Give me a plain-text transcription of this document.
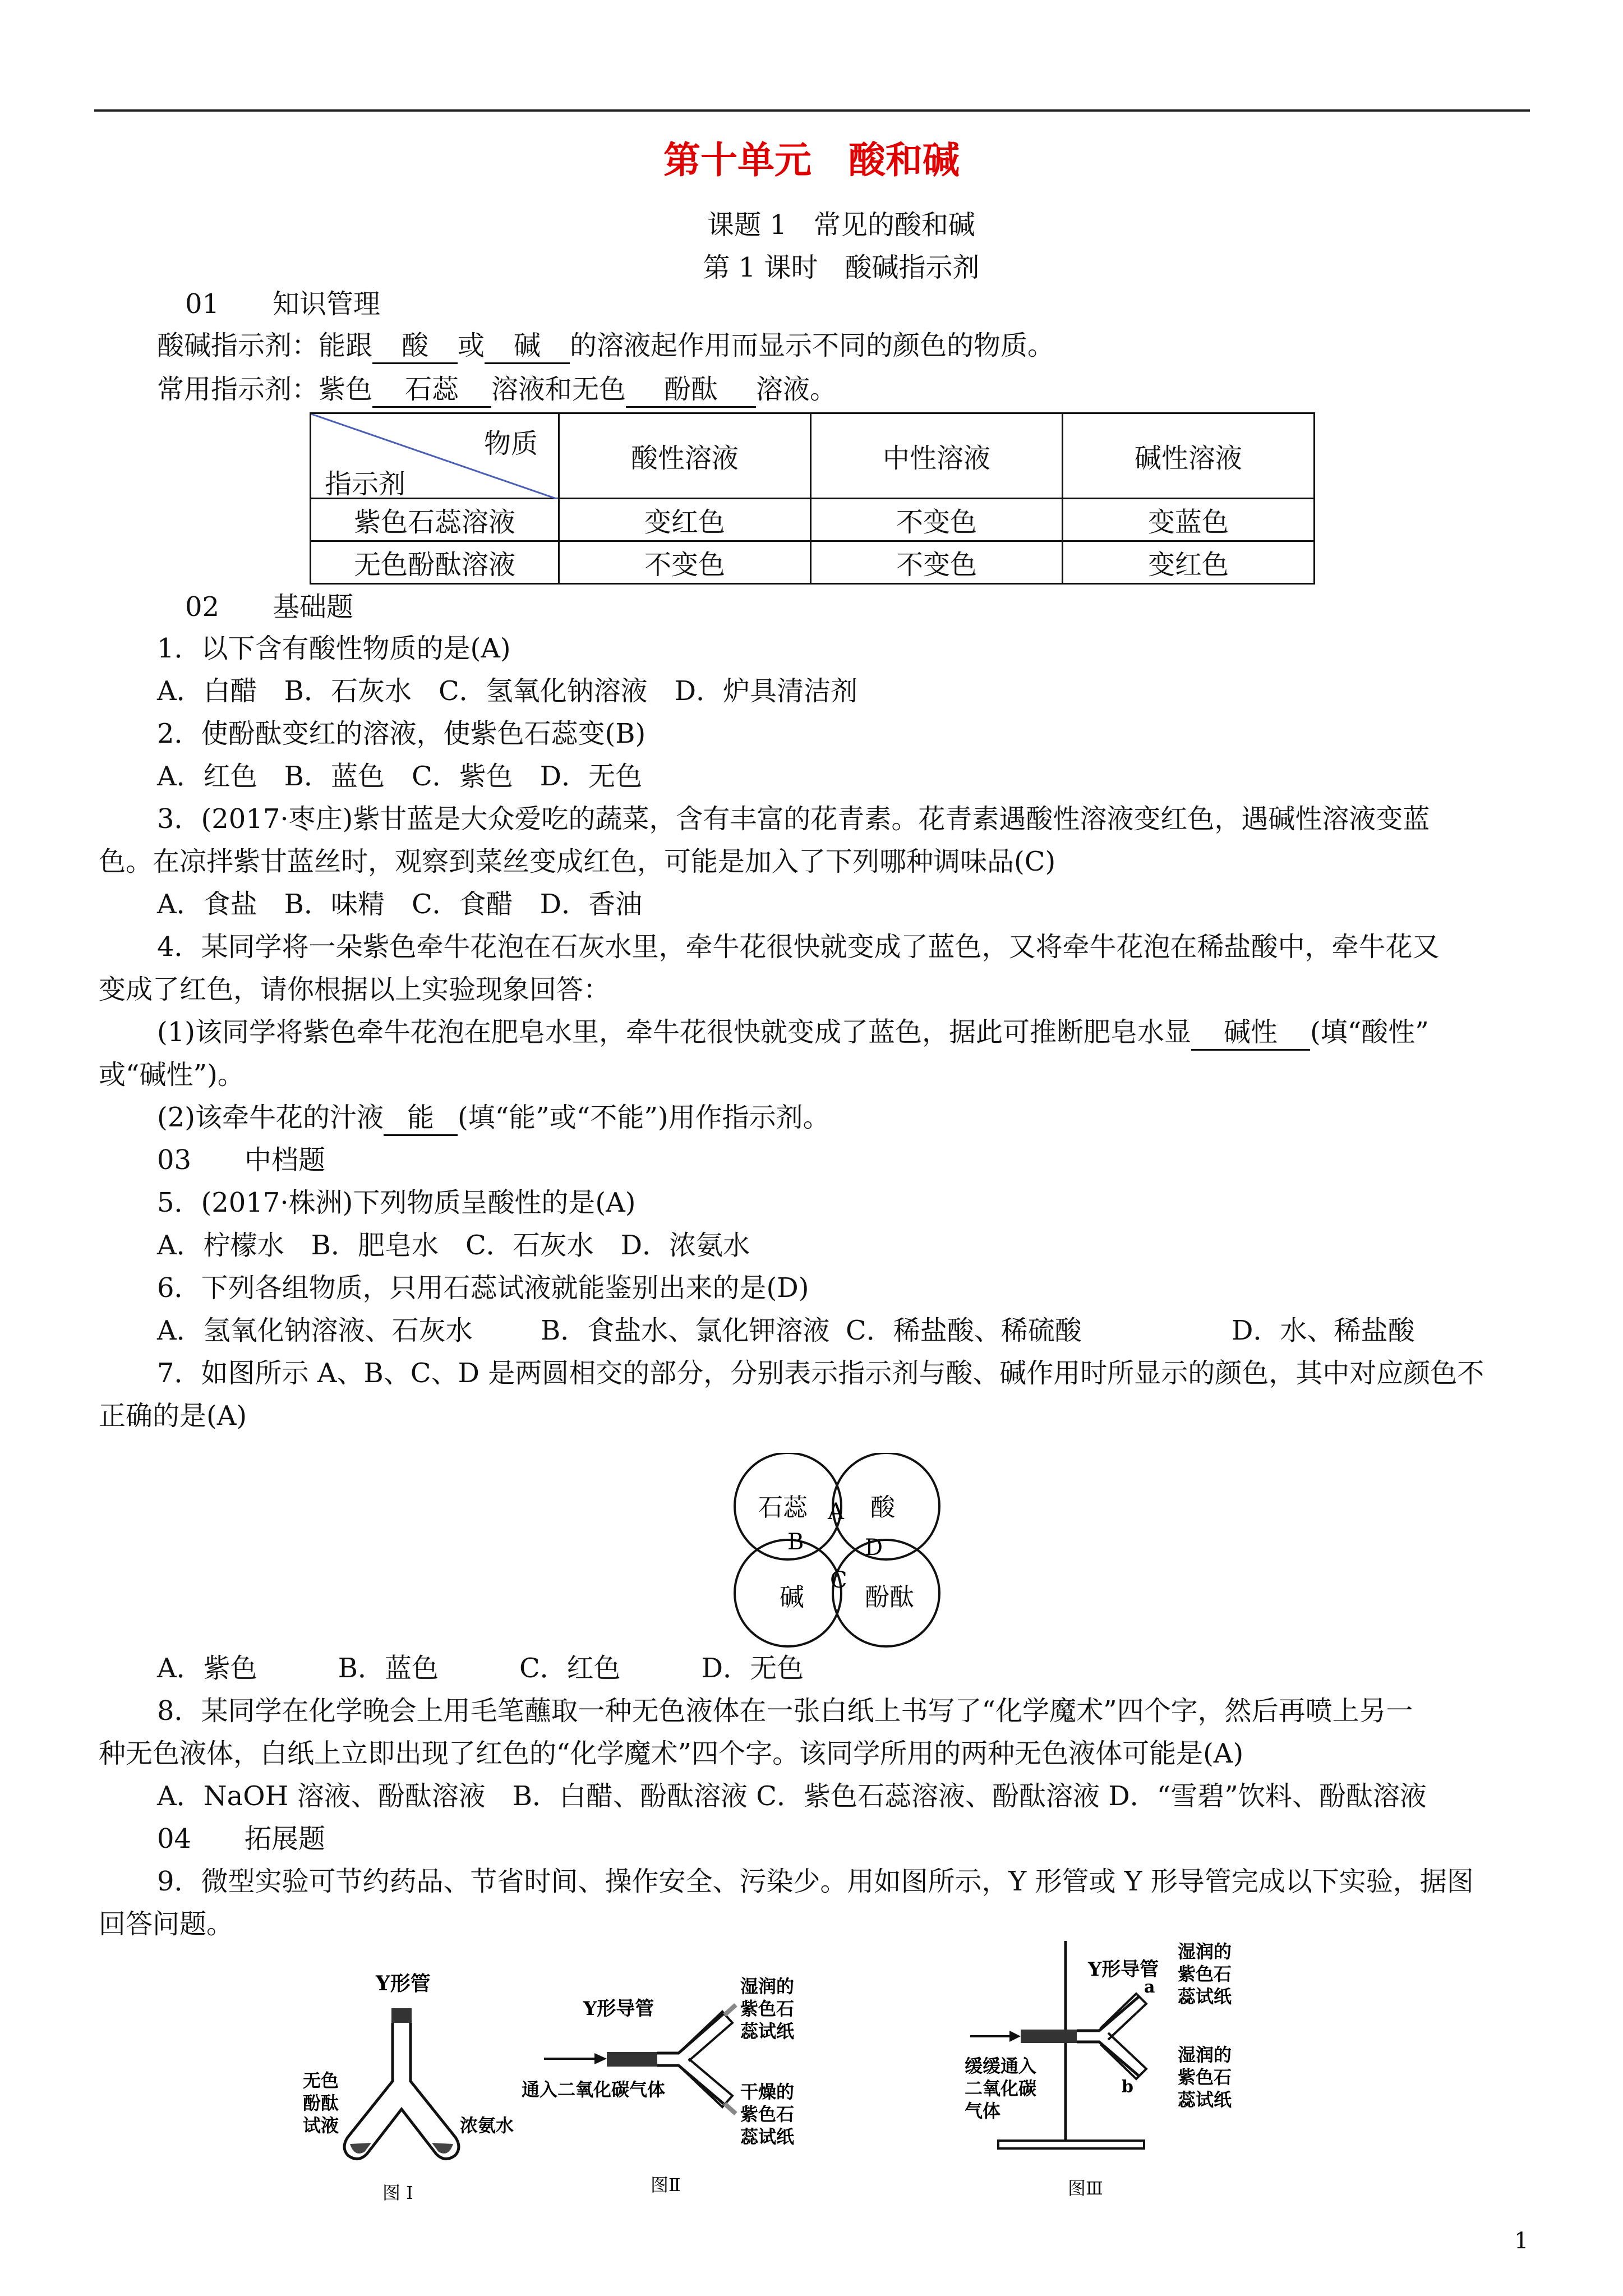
第十单元　酸和碱
课题 1　常见的酸和碱
第 1 课时　酸碱指示剂
01 知识管理
酸碱指示剂：能跟 酸 或 碱 的溶液起作用而显示不同的颜色的物质。
常用指示剂：紫色 石蕊 溶液和无色 酚酞 溶液。
物质
指示剂	酸性溶液	中性溶液	碱性溶液
紫色石蕊溶液	变红色	不变色	变蓝色
无色酚酞溶液	不变色	不变色	变红色
02 基础题
1．以下含有酸性物质的是(A)
A．白醋　B．石灰水　C．氢氧化钠溶液　D．炉具清洁剂
2．使酚酞变红的溶液，使紫色石蕊变(B)
A．红色　B．蓝色　C．紫色　D．无色
3．(2017·枣庄)紫甘蓝是大众爱吃的蔬菜，含有丰富的花青素。花青素遇酸性溶液变红色，遇碱性溶液变蓝
色。在凉拌紫甘蓝丝时，观察到菜丝变成红色，可能是加入了下列哪种调味品(C)
A．食盐　B．味精　C．食醋　D．香油
4．某同学将一朵紫色牵牛花泡在石灰水里，牵牛花很快就变成了蓝色，又将牵牛花泡在稀盐酸中，牵牛花又
变成了红色，请你根据以上实验现象回答：
(1)该同学将紫色牵牛花泡在肥皂水里，牵牛花很快就变成了蓝色，据此可推断肥皂水显 碱性 (填“酸性”
或“碱性”)。
(2)该牵牛花的汁液 能 (填“能”或“不能”)用作指示剂。
03 中档题
5．(2017·株洲)下列物质呈酸性的是(A)
A．柠檬水　B．肥皂水　C．石灰水　D．浓氨水
6．下列各组物质，只用石蕊试液就能鉴别出来的是(D)
A．氢氧化钠溶液、石灰水	B．食盐水、氯化钾溶液 C．稀盐酸、稀硫酸	D．水、稀盐酸
7．如图所示 A、B、C、D 是两圆相交的部分，分别表示指示剂与酸、碱作用时所显示的颜色，其中对应颜色不
正确的是(A)
石蕊	酸
碱 酚酞
A
B
C
D
A．紫色　　　B．蓝色　　　C．红色　　　D．无色
8．某同学在化学晚会上用毛笔蘸取一种无色液体在一张白纸上书写了“化学魔术”四个字，然后再喷上另一
种无色液体，白纸上立即出现了红色的“化学魔术”四个字。该同学所用的两种无色液体可能是(A)
A．NaOH 溶液、酚酞溶液　B．白醋、酚酞溶液 C．紫色石蕊溶液、酚酞溶液 D．“雪碧”饮料、酚酞溶液
04 拓展题
9．微型实验可节约药品、节省时间、操作安全、污染少。用如图所示，Y 形管或 Y 形导管完成以下实验，据图
回答问题。
Y形管
无色
酚酞
试液	浓氨水
图 I
Y形导管
湿润的
紫色石
蕊试纸
干燥的
紫色石
蕊试纸
通入二氧化碳气体
图Ⅱ
Y形导管
a
b
湿润的
紫色石
蕊试纸
湿润的
紫色石
蕊试纸
缓缓通入
二氧化碳
气体
图Ⅲ
1
